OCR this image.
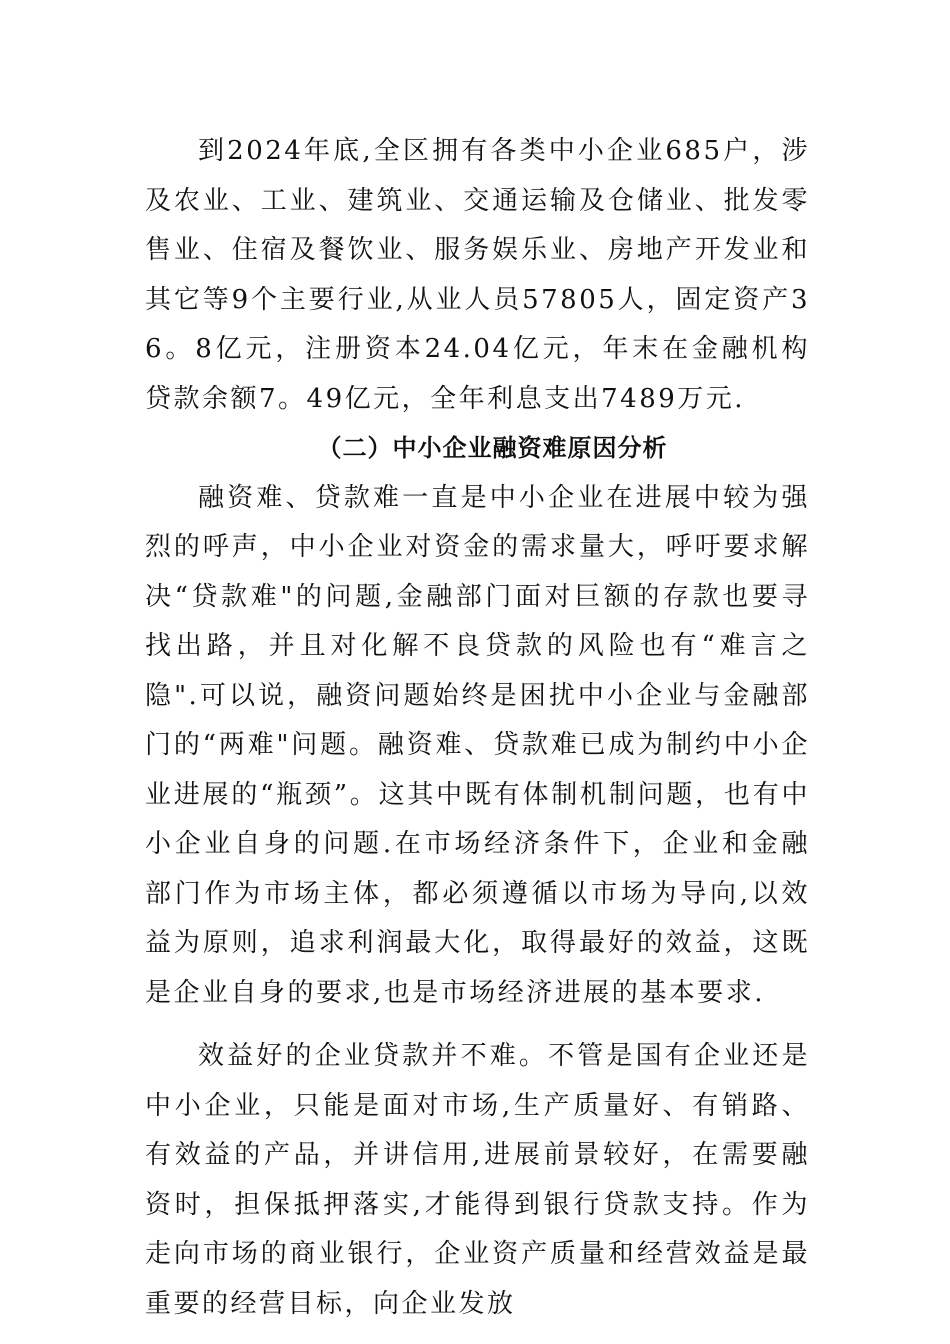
到2024年底,全区拥有各类中小企业685户，涉及农业、工业、建筑业、交通运输及仓储业、批发零售业、住宿及餐饮业、服务娱乐业、房地产开发业和其它等9个主要行业,从业人员57805人，固定资产36。8亿元，注册资本24.04亿元，年末在金融机构贷款余额7。49亿元，全年利息支出7489万元.

（二）中小企业融资难原因分析

融资难、贷款难一直是中小企业在进展中较为强烈的呼声，中小企业对资金的需求量大，呼吁要求解决“贷款难"的问题,金融部门面对巨额的存款也要寻找出路，并且对化解不良贷款的风险也有“难言之隐".可以说，融资问题始终是困扰中小企业与金融部门的“两难"问题。融资难、贷款难已成为制约中小企业进展的“瓶颈”。这其中既有体制机制问题，也有中小企业自身的问题.在市场经济条件下，企业和金融部门作为市场主体，都必须遵循以市场为导向,以效益为原则，追求利润最大化，取得最好的效益，这既是企业自身的要求,也是市场经济进展的基本要求.

效益好的企业贷款并不难。不管是国有企业还是中小企业，只能是面对市场,生产质量好、有销路、有效益的产品，并讲信用,进展前景较好，在需要融资时，担保抵押落实,才能得到银行贷款支持。作为走向市场的商业银行，企业资产质量和经营效益是最重要的经营目标，向企业发放
